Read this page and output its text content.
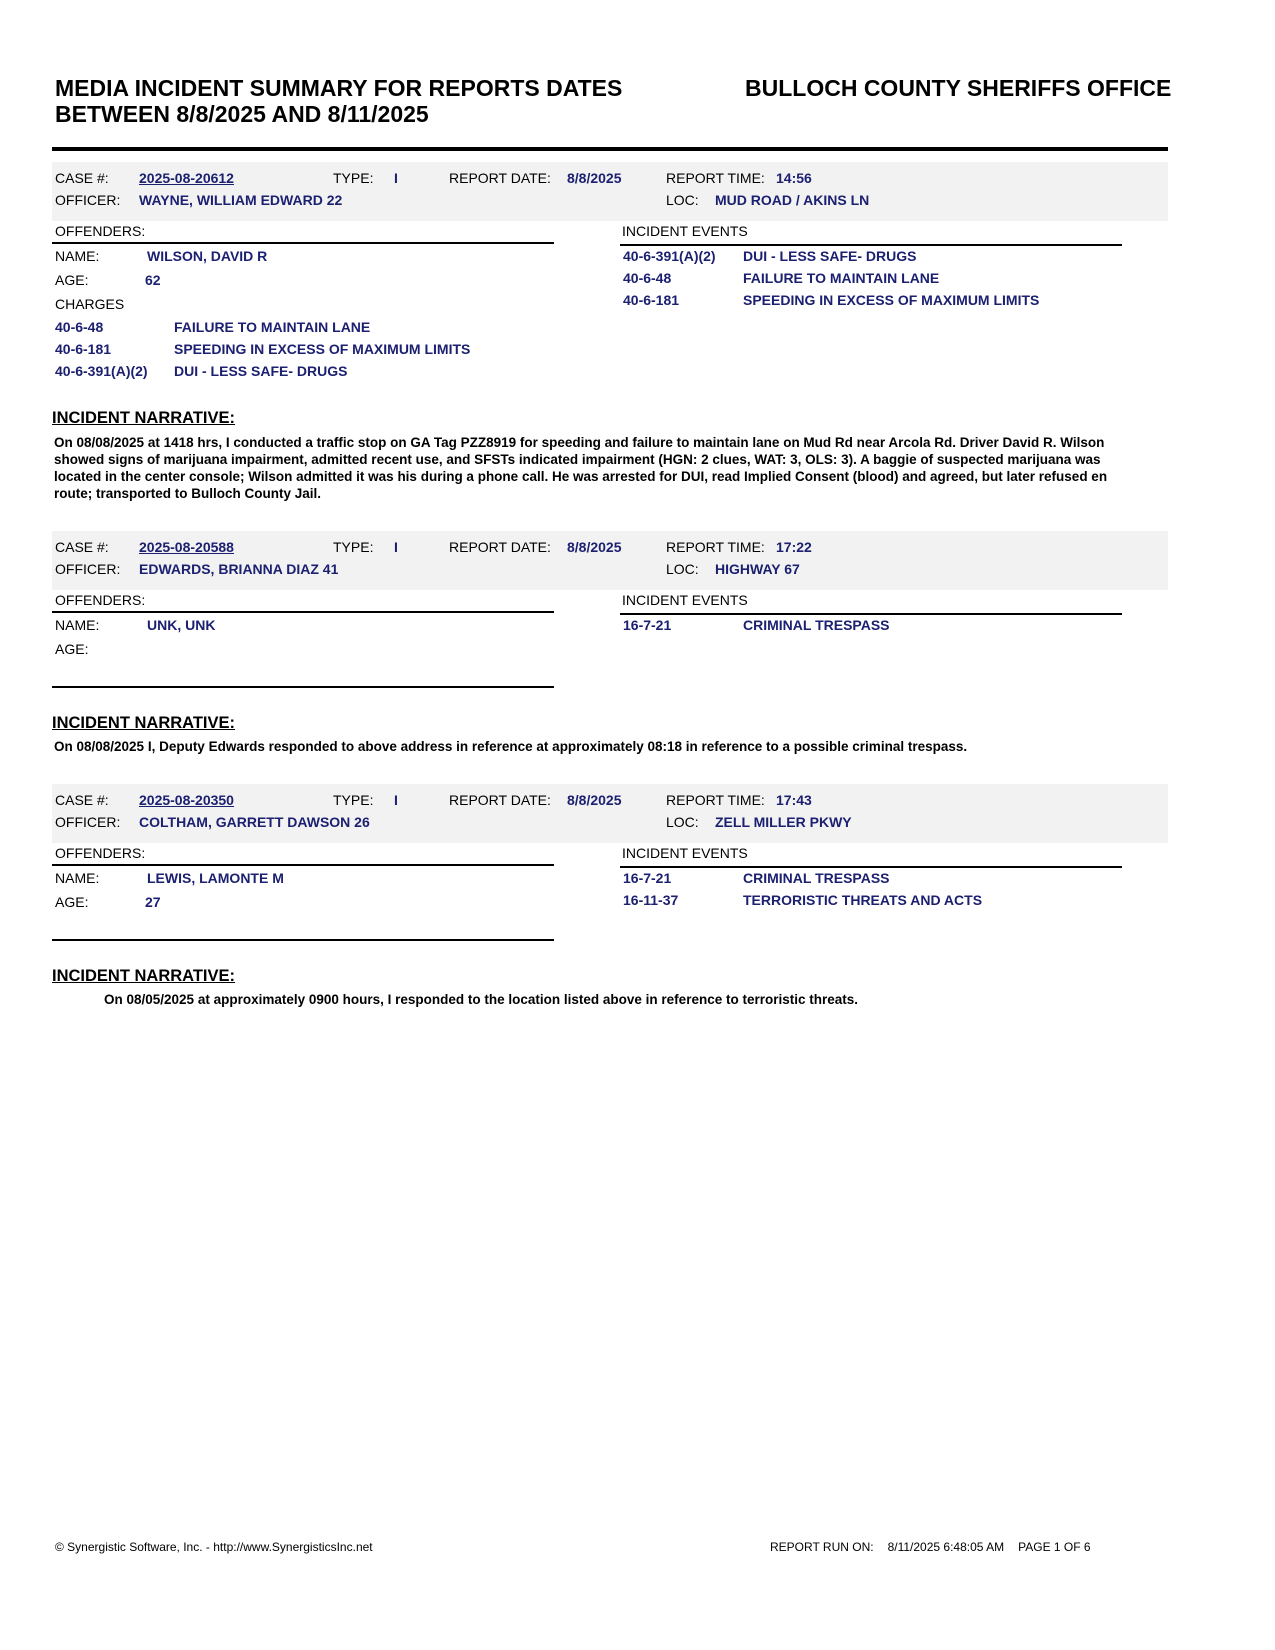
MEDIA INCIDENT SUMMARY FOR REPORTS DATES BETWEEN 8/8/2025 AND 8/11/2025
BULLOCH COUNTY SHERIFFS OFFICE
CASE #: 2025-08-20612	TYPE: I	REPORT DATE: 8/8/2025	REPORT TIME: 14:56
OFFICER: WAYNE, WILLIAM EDWARD 22	LOC: MUD ROAD / AKINS LN
OFFENDERS:	INCIDENT EVENTS
NAME:	WILSON, DAVID R
AGE:	62
CHARGES
40-6-48	FAILURE TO MAINTAIN LANE
40-6-181	SPEEDING IN EXCESS OF MAXIMUM LIMITS
40-6-391(A)(2) DUI - LESS SAFE- DRUGS
40-6-391(A)(2) DUI - LESS SAFE- DRUGS
40-6-48	FAILURE TO MAINTAIN LANE
40-6-181	SPEEDING IN EXCESS OF MAXIMUM LIMITS
INCIDENT NARRATIVE:
On 08/08/2025 at 1418 hrs, I conducted a traffic stop on GA Tag PZZ8919 for speeding and failure to maintain lane on Mud Rd near Arcola Rd. Driver David R. Wilson showed signs of marijuana impairment, admitted recent use, and SFSTs indicated impairment (HGN: 2 clues, WAT: 3, OLS: 3). A baggie of suspected marijuana was located in the center console; Wilson admitted it was his during a phone call. He was arrested for DUI, read Implied Consent (blood) and agreed, but later refused en route; transported to Bulloch County Jail.
CASE #: 2025-08-20588	TYPE: I	REPORT DATE: 8/8/2025	REPORT TIME: 17:22
OFFICER: EDWARDS, BRIANNA DIAZ 41	LOC: HIGHWAY 67
OFFENDERS:	INCIDENT EVENTS
NAME:	UNK, UNK
AGE:
16-7-21	CRIMINAL TRESPASS
INCIDENT NARRATIVE:
On 08/08/2025 I, Deputy Edwards responded to above address in reference at approximately 08:18 in reference to a possible criminal trespass.
CASE #: 2025-08-20350	TYPE: I	REPORT DATE: 8/8/2025	REPORT TIME: 17:43
OFFICER: COLTHAM, GARRETT DAWSON 26	LOC: ZELL MILLER PKWY
OFFENDERS:	INCIDENT EVENTS
NAME:	LEWIS, LAMONTE M
AGE:	27
16-7-21	CRIMINAL TRESPASS
16-11-37	TERRORISTIC THREATS AND ACTS
INCIDENT NARRATIVE:
On 08/05/2025 at approximately 0900 hours, I responded to the location listed above in reference to terroristic threats.
© Synergistic Software, Inc. - http://www.SynergisticsInc.net	REPORT RUN ON: 8/11/2025 6:48:05 AM PAGE 1 OF 6
